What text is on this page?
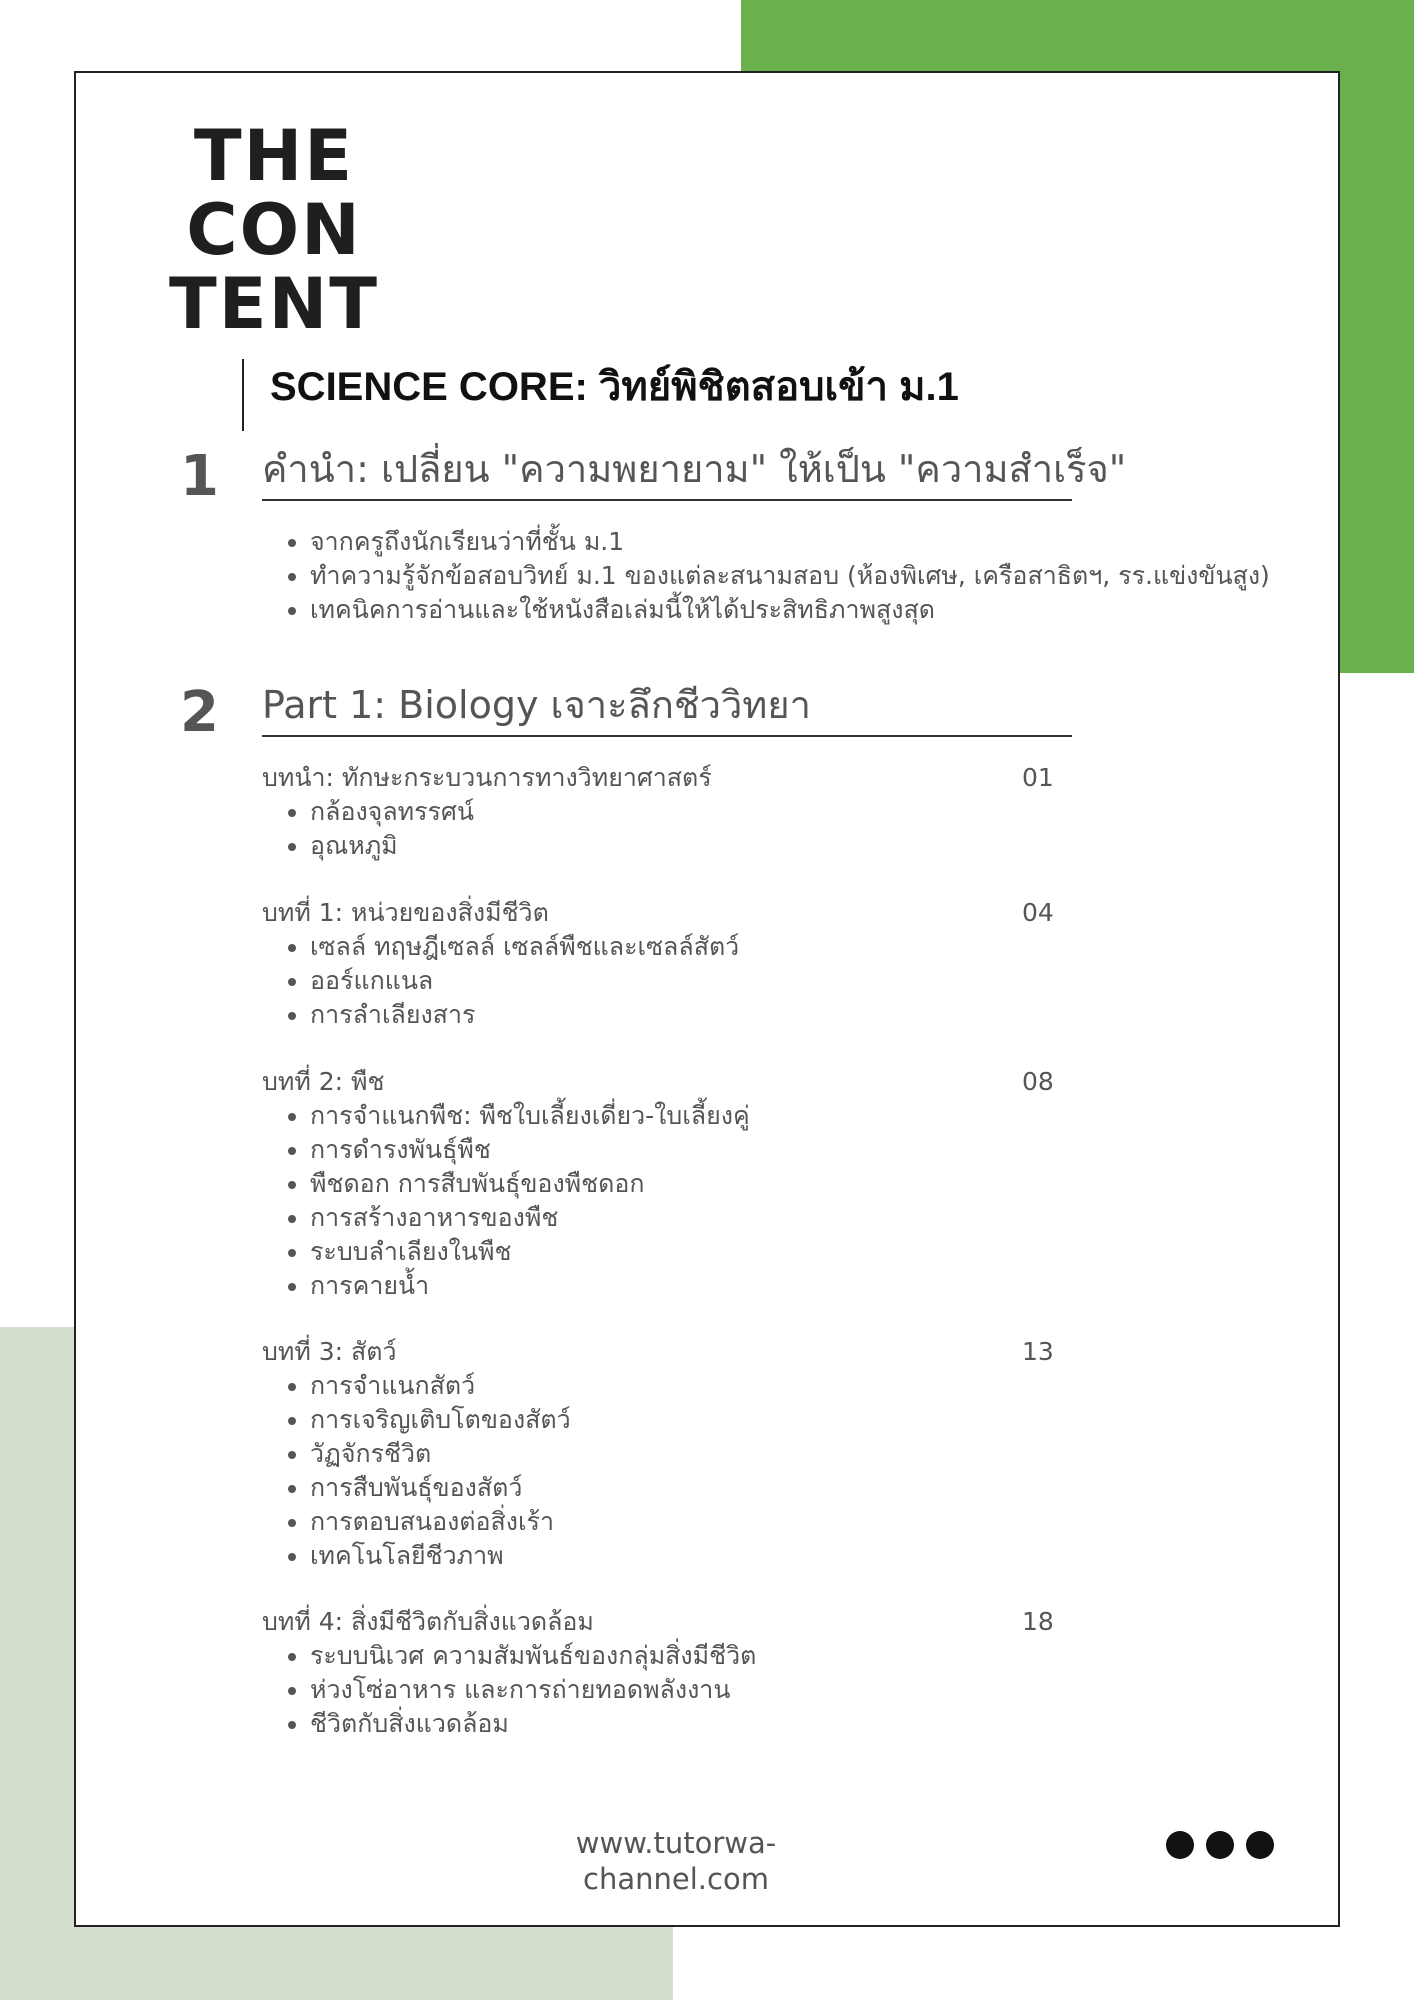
THE
CON
TENT
SCIENCE CORE: วิทย์พิชิตสอบเข้า ม.1
1 คำนำ: เปลี่ยน "ความพยายาม" ให้เป็น "ความสำเร็จ"
• จากครูถึงนักเรียนว่าที่ชั้น ม.1
• ทำความรู้จักข้อสอบวิทย์ ม.1 ของแต่ละสนามสอบ (ห้องพิเศษ, เครือสาธิตฯ, รร.แข่งขันสูง)
• เทคนิคการอ่านและใช้หนังสือเล่มนี้ให้ได้ประสิทธิภาพสูงสุด
2 Part 1: Biology เจาะลึกชีววิทยา
บทนำ: ทักษะกระบวนการทางวิทยาศาสตร์	01
• กล้องจุลทรรศน์
• อุณหภูมิ
บทที่ 1: หน่วยของสิ่งมีชีวิต	04
• เซลล์ ทฤษฎีเซลล์ เซลล์พืชและเซลล์สัตว์
• ออร์แกแนล
• การลำเลียงสาร
บทที่ 2: พืช	08
• การจำแนกพืช: พืชใบเลี้ยงเดี่ยว-ใบเลี้ยงคู่
• การดำรงพันธุ์พืช
• พืชดอก การสืบพันธุ์ของพืชดอก
• การสร้างอาหารของพืช
• ระบบลำเลียงในพืช
• การคายน้ำ
บทที่ 3: สัตว์	13
• การจำแนกสัตว์
• การเจริญเติบโตของสัตว์
• วัฏจักรชีวิต
• การสืบพันธุ์ของสัตว์
• การตอบสนองต่อสิ่งเร้า
• เทคโนโลยีชีวภาพ
บทที่ 4: สิ่งมีชีวิตกับสิ่งแวดล้อม	18
• ระบบนิเวศ ความสัมพันธ์ของกลุ่มสิ่งมีชีวิต
• ห่วงโซ่อาหาร และการถ่ายทอดพลังงาน
• ชีวิตกับสิ่งแวดล้อม
www.tutorwa-channel.com
